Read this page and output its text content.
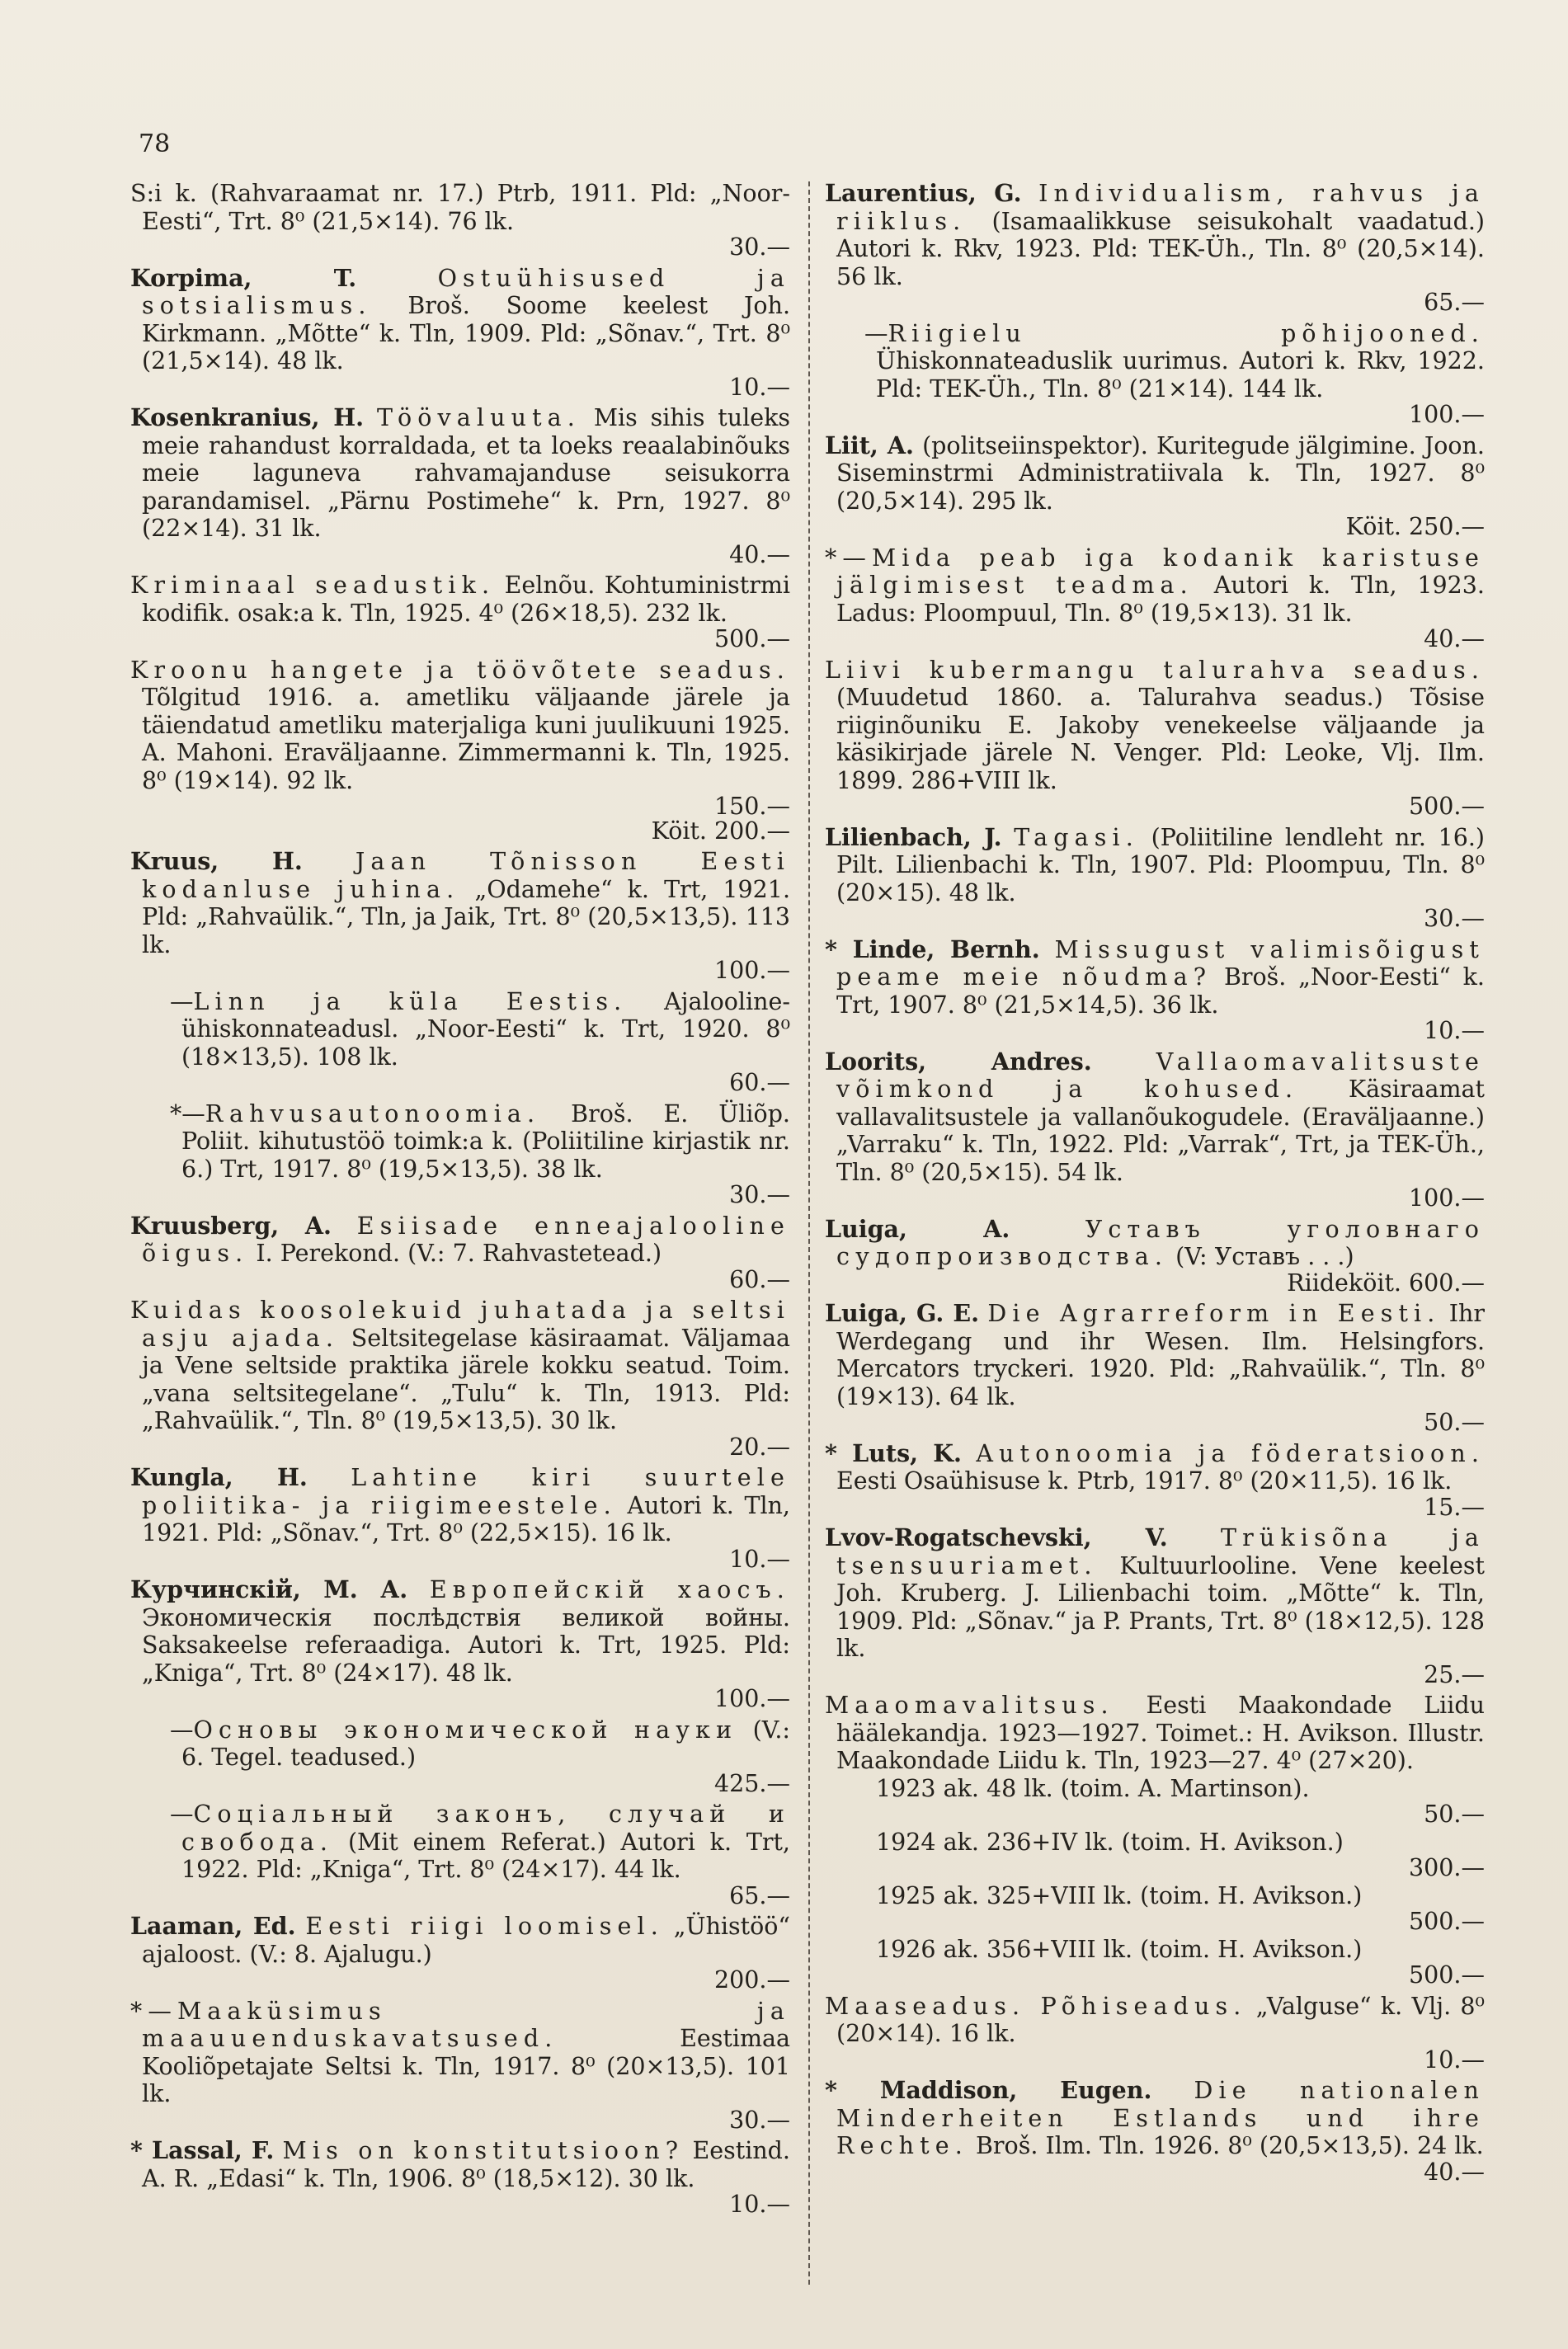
78

S:i k. (Rahvaraamat nr. 17.) Ptrb, 1911. Pld: „Noor-Eesti“, Trt. 8⁰ (21,5×14). 76 lk.
30.—

Korpima, T.	Ostuühisused ja sotsialismus. Broš. Soome keelest Joh. Kirkmann. „Mõtte“ k. Tln, 1909. Pld: „Sõnav.“, Trt. 8⁰ (21,5×14). 48 lk.
10.—

Kosenkranius, H. Töövaluuta. Mis sihis tuleks meie rahandust korraldada, et ta loeks reaalabinõuks meie laguneva rahvamajanduse seisukorra parandamisel. „Pärnu Postimehe“ k. Prn, 1927. 8⁰ (22×14). 31 lk.
40.—

Kriminaal seadustik. Eelnõu. Kohtuministrmi kodifik. osak:a k. Tln, 1925. 4⁰ (26×18,5). 232 lk.
500.—

Kroonu hangete ja töövõtete seadus. Tõlgitud 1916. a. ametliku väljaande järele ja täiendatud ametliku materjaliga kuni juulikuuni 1925. A. Mahoni. Eraväljaanne. Zimmermanni k. Tln, 1925. 8⁰ (19×14). 92 lk.
150.—
Köit. 200.—

Kruus, H. Jaan Tõnisson Eesti kodanluse juhina. „Odamehe“ k. Trt, 1921. Pld: „Rahvaülik.“, Tln, ja Jaik, Trt. 8⁰ (20,5×13,5). 113 lk.
100.—

—Linn ja küla Eestis. Ajalooline-ühiskonnateadusl. „Noor-Eesti“ k. Trt, 1920. 8⁰ (18×13,5). 108 lk.
60.—

*—Rahvusautonoomia. Broš. E. Üliõp. Poliit. kihutustöö toimk:a k. (Poliitiline kirjastik nr. 6.) Trt, 1917. 8⁰ (19,5×13,5). 38 lk.
30.—

Kruusberg, A. Esiisade enneajalooline õigus. I. Perekond. (V.: 7. Rahvastetead.)
60.—

Kuidas koosolekuid juhatada ja seltsi asju ajada. Seltsitegelase käsiraamat. Väljamaa ja Vene seltside praktika järele kokku seatud. Toim. „vana seltsitegelane“. „Tulu“ k. Tln, 1913. Pld: „Rahvaülik.“, Tln. 8⁰ (19,5×13,5). 30 lk.
20.—

Kungla, H. Lahtine kiri suurtele poliitika- ja riigimeestele. Autori k. Tln, 1921. Pld: „Sõnav.“, Trt. 8⁰ (22,5×15). 16 lk.
10.—

Курчинскій, М. А. Европейскій хаосъ. Экономическія послѣдствія великой войны. Saksakeelse referaadiga. Autori k. Trt, 1925. Pld: „Kniga“, Trt. 8⁰ (24×17). 48 lk.
100.—

—Основы экономической науки (V.: 6. Tegel. teadused.)
425.—

—Соціальный законъ, случай и свобода. (Mit einem Referat.) Autori k. Trt, 1922. Pld: „Kniga“, Trt. 8⁰ (24×17). 44 lk.
65.—

Laaman, Ed. Eesti riigi loomisel. „Ühistöö“ ajaloost. (V.: 8. Ajalugu.)
200.—

*—Maaküsimus ja maauuenduskavatsused.	Eestimaa Kooliõpetajate Seltsi k. Tln, 1917. 8⁰ (20×13,5). 101 lk.
30.—

* Lassal, F. Mis on konstitutsioon? Eestind. A. R. „Edasi“ k. Tln, 1906. 8⁰ (18,5×12). 30 lk.
10.—

Laurentius, G. Individualism, rahvus ja riiklus. (Isamaalikkuse seisukohalt vaadatud.) Autori k. Rkv, 1923. Pld: TEK-Üh., Tln. 8⁰ (20,5×14). 56 lk.
65.—

—Riigielu põhijooned. Ühiskonnateaduslik uurimus. Autori k. Rkv, 1922. Pld: TEK-Üh., Tln. 8⁰ (21×14). 144 lk.
100.—

Liit, A. (politseiinspektor). Kuritegude jälgimine. Joon. Siseminstrmi Administratiivala k. Tln, 1927. 8⁰ (20,5×14). 295 lk.
Köit. 250.—

*—Mida peab iga kodanik karistuse jälgimisest teadma. Autori k. Tln, 1923. Ladus: Ploompuul, Tln. 8⁰ (19,5×13). 31 lk.
40.—

Liivi kubermangu talurahva seadus. (Muudetud 1860. a. Talurahva seadus.) Tõsise riiginõuniku E. Jakoby venekeelse väljaande ja käsikirjade järele N. Venger. Pld: Leoke, Vlj. Ilm. 1899. 286+VIII lk.
500.—

Lilienbach, J. Tagasi. (Poliitiline lendleht nr. 16.) Pilt. Lilienbachi k. Tln, 1907. Pld: Ploompuu, Tln. 8⁰ (20×15). 48 lk.
30.—

* Linde, Bernh. Missugust valimisõigust peame meie nõudma? Broš. „Noor-Eesti“ k. Trt, 1907. 8⁰ (21,5×14,5). 36 lk.
10.—

Loorits, Andres.	Vallaomavalitsuste võimkond ja kohused. Käsiraamat vallavalitsustele ja vallanõukogudele. (Eraväljaanne.) „Varraku“ k. Tln, 1922. Pld: „Varrak“, Trt, ja TEK-Üh., Tln. 8⁰ (20,5×15). 54 lk.
100.—

Luiga, A.	Уставъ уголовнаго судопроизводства. (V: Уставъ . . .)
Riideköit. 600.—

Luiga, G. E. Die Agrarreform in Eesti. Ihr Werdegang und ihr Wesen. Ilm. Helsingfors. Mercators tryckeri. 1920. Pld: „Rahvaülik.“, Tln. 8⁰ (19×13). 64 lk.
50.—

* Luts, K. Autonoomia ja föderatsioon. Eesti Osaühisuse k. Ptrb, 1917. 8⁰ (20×11,5). 16 lk.
15.—

Lvov-Rogatschevski, V. Trükisõna ja tsensuuriamet. Kultuurlooline. Vene keelest Joh. Kruberg. J. Lilienbachi toim. „Mõtte“ k. Tln, 1909. Pld: „Sõnav.“ ja P. Prants, Trt. 8⁰ (18×12,5). 128 lk.
25.—

Maaomavalitsus. Eesti Maakondade Liidu häälekandja. 1923—1927. Toimet.: H. Avikson. Illustr. Maakondade Liidu k. Tln, 1923—27. 4⁰ (27×20).

1923 ak. 48 lk. (toim. A. Martinson).
50.—

1924 ak. 236+IV lk. (toim. H. Avikson.)
300.—

1925 ak. 325+VIII lk. (toim. H. Avikson.)
500.—

1926 ak. 356+VIII lk. (toim. H. Avikson.)
500.—

Maaseadus. Põhiseadus. „Valguse“ k. Vlj. 8⁰ (20×14). 16 lk.
10.—

* Maddison, Eugen. Die nationalen Minderheiten Estlands und ihre Rechte. Broš. Ilm. Tln. 1926. 8⁰ (20,5×13,5). 24 lk.
40.—
